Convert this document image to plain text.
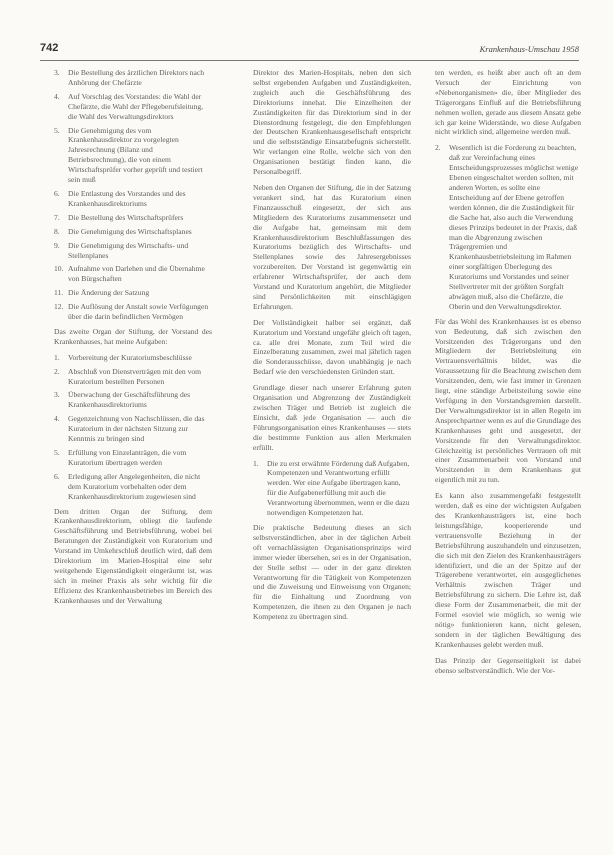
742	Krankenhaus-Umschau 1958
3. Die Bestellung des ärztlichen Direktors nach Anhörung der Chefärzte
4. Auf Vorschlag des Vorstandes: die Wahl der Chefärzte, die Wahl der Pflegeberufsleitung, die Wahl des Verwaltungsdirektors
5. Die Genehmigung des vom Krankenhausdirektor zu vorgelegten Jahresrechnung (Bilanz und Betriebsrechnung), die von einem Wirtschaftsprüfer vorher geprüft und testiert sein muß
6. Die Entlastung des Vorstandes und des Krankenhausdirektoriums
7. Die Bestellung des Wirtschaftsprüfers
8. Die Genehmigung des Wirtschaftsplanes
9. Die Genehmigung des Wirtschafts- und Stellenplanes
10. Aufnahme von Darlehen und die Übernahme von Bürgschaften
11. Die Änderung der Satzung
12. Die Auflösung der Anstalt sowie Verfügungen über die darin befindlichen Vermögen

Das zweite Organ der Stiftung, der Vorstand des Krankenhauses, hat meine Aufgaben:

1. Vorbereitung der Kuratoriumsbeschlüsse
2. Abschluß von Dienstverträgen mit den vom Kuratorium bestellten Personen
3. Überwachung der Geschäftsführung des Krankenhausdirektoriums
4. Gegenzeichnung von Nachschlüssen, die das Kuratorium in der nächsten Sitzung zur Kenntnis zu bringen sind
5. Erfüllung von Einzelanträgen, die vom Kuratorium übertragen werden
6. Erledigung aller Angelegenheiten, die nicht dem Kuratorium vorbehalten oder dem Krankenhausdirektorium zugewiesen sind

Dem dritten Organ der Stiftung, dem Krankenhausdirektorium, obliegt die laufende Geschäftsführung und Betriebsführung, wobei bei Beratungen der Zuständigkeit von Kuratorium und Vorstand im Umkehrschluß deutlich wird, daß dem Direktorium im Marien-Hospital eine sehr weitgehende Eigenständigkeit eingeräumt ist, was sich in meiner Praxis als sehr wichtig für die Effizienz des Krankenhausbetriebes im Bereich des Krankenhauses und der Verwaltung

Direktor des Marien-Hospitals, neben den sich selbst ergebenden Aufgaben und Zuständigkeiten, zugleich auch die Geschäftsführung des Direktoriums innehat. Die Einzelheiten der Zuständigkeiten für das Direktorium sind in der Dienstordnung festgelegt, die den Empfehlungen der Deutschen Krankenhausgesellschaft entspricht und die selbstständige Einsatzbefugnis sicherstellt. Wir verlangen eine Rolle, welche sich von den Organisationen bestätigt finden kann, die Personalbegriff.

Neben den Organen der Stiftung, die in der Satzung verankert sind, hat das Kuratorium einen Finanzausschuß eingesetzt, der sich aus Mitgliedern des Kuratoriums zusammensetzt und die Aufgabe hat, gemeinsam mit dem Krankenhausdirektorium Beschlußfassungen des Kuratoriums bezüglich des Wirtschafts- und Stellenplanes sowie des Jahresergebnisses vorzubereiten. Der Vorstand ist gegenwärtig ein erfahrener Wirtschaftsprüfer, der auch dem Vorstand und Kuratorium angehört, die Mitglieder sind Persönlichkeiten mit einschlägigen Erfahrungen.

Der Vollständigkeit halber sei ergänzt, daß Kuratorium und Vorstand ungefähr gleich oft tagen, ca. alle drei Monate, zum Teil wird die Einzelberatung zusammen, zwei mal jährlich tagen die Sonderausschüsse, davon unabhängig je nach Bedarf wie den verschiedensten Gründen statt.

Grundlage dieser nach unserer Erfahrung guten Organisation und Abgrenzung der Zuständigkeit zwischen Träger und Betrieb ist zugleich die Einsicht, daß jede Organisation — auch die Führungsorganisation eines Krankenhauses — stets die bestimmte Funktion aus allen Merkmalen erfüllt.

1. Die zu erst erwähnte Förderung daß Aufgaben, Kompetenzen und Verantwortung erfüllt werden. Wer eine Aufgabe übertragen kann, für die Aufgabenerfüllung mit auch die Verantwortung übernommen, wenn er die dazu notwendigen Kompetenzen hat.

Die praktische Bedeutung dieses an sich selbstverständlichen, aber in der täglichen Arbeit oft vernachlässigten Organisationsprinzips wird immer wieder übersehen, sei es in der Organisation, der Stelle selbst — oder in der ganz direkten Verantwortung für die Tätigkeit von Kompetenzen und die Zuweisung und Einweisung von Organen; für die Einhaltung und Zuordnung von Kompetenzen, die ihnen zu den Organen je nach Kompetenz zu übertragen sind.

ten werden, es heißt aber auch oft an dem Versuch der Einrichtung von «Nebenorganismen» die, über Mitglieder des Trägerorgans Einfluß auf die Betriebsführung nehmen wollen, gerade aus diesem Ansatz gebe ich gar keine Widerstände, wo diese Aufgaben nicht wirklich sind, allgemeine werden muß.

2. Wesentlich ist die Forderung zu beachten, daß zur Vereinfachung eines Entscheidungsprozesses möglichst wenige Ebenen eingeschaltet werden sollten, mit anderen Worten, es sollte eine Entscheidung auf der Ebene getroffen werden können, die die Zuständigkeit für die Sache hat, also auch die Verwendung dieses Prinzips bedeutet in der Praxis, daß man die Abgrenzung zwischen Trägergremien und Krankenhausbetriebsleitung im Rahmen einer sorgfältigen Überlegung des Kuratoriums und Vorstandes und seiner Stellvertreter mit der größten Sorgfalt abwägen muß, also die Chefärzte, die Oberin und den Verwaltungsdirektor.

Für das Wohl des Krankenhauses ist es ebenso von Bedeutung, daß sich zwischen den Vorsitzenden des Trägerorgans und den Mitgliedern der Betriebsleitung ein Vertrauensverhältnis bildet, was die Voraussetzung für die Beachtung zwischen dem Vorsitzenden, dem, wie fast immer in Grenzen liegt, eine ständige Arbeitsteilung sowie eine Verfügung in den Vorstandsgremien darstellt. Der Verwaltungsdirektor ist in allen Regeln im Ansprechpartner wenn es auf die Grundlage des Krankenhauses geht und ausgesetzt, der Vorsitzende für den Verwaltungsdirektor. Gleichzeitig ist persönliches Vertrauen oft mit einer Zusammenarbeit von Vorstand und Vorsitzenden in dem Krankenhaus gut eigentlich mit zu tun.

Es kann also zusammengefaßt festgestellt werden, daß es eine der wichtigsten Aufgaben des Krankenhausträgers ist, eine hoch leistungsfähige, kooperierende und vertrauensvolle Beziehung in der Betriebsführung auszuhandeln und einzusetzen, die sich mit den Zielen des Krankenhausträgers identifiziert, und die an der Spitze auf der Trägerebene verantwortet, ein ausgeglichenes Verhältnis zwischen Träger und Betriebsführung zu sichern. Die Lehre ist, daß diese Form der Zusammenarbeit, die mit der Formel «soviel wie möglich, so wenig wie nötig» funktionieren kann, nicht gelesen, sondern in der täglichen Bewältigung des Krankenhauses gelebt werden muß.

Das Prinzip der Gegenseitigkeit ist dabei ebenso selbstverständlich. Wie der Vor-
